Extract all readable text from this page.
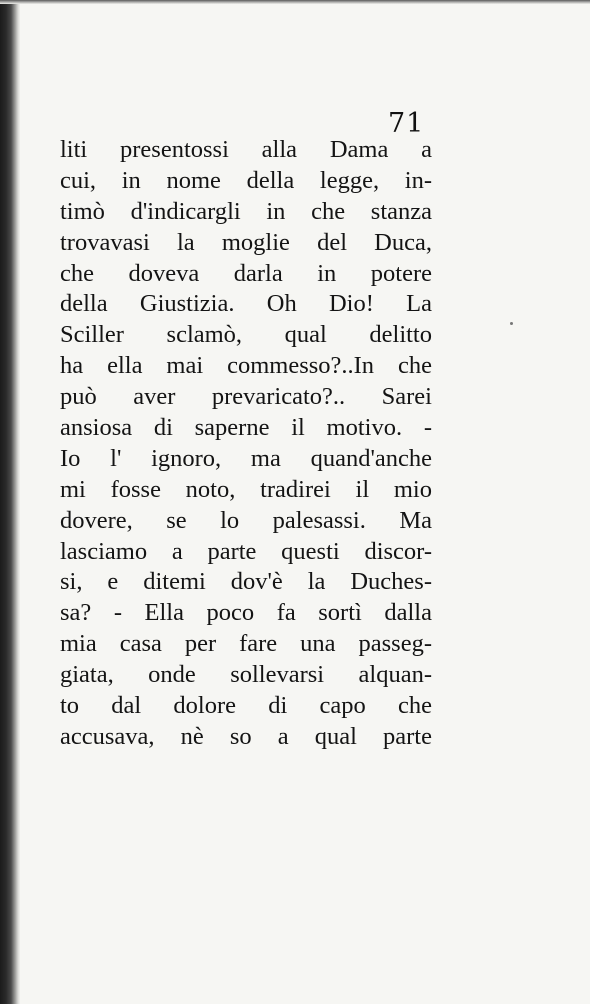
71
liti presentossi alla Dama a
cui, in nome della legge, in-
timò d'indicargli in che stanza
trovavasi la moglie del Duca,
che doveva darla in potere
della Giustizia. Oh Dio! La
Sciller sclamò, qual delitto
ha ella mai commesso?..In che
può aver prevaricato?.. Sarei
ansiosa di saperne il motivo. -
Io l' ignoro, ma quand'anche
mi fosse noto, tradirei il mio
dovere, se lo palesassi. Ma
lasciamo a parte questi discor-
si, e ditemi dov'è la Duches-
sa? - Ella poco fa sortì dalla
mia casa per fare una passeg-
giata, onde sollevarsi alquan-
to dal dolore di capo che
accusava, nè so a qual parte
